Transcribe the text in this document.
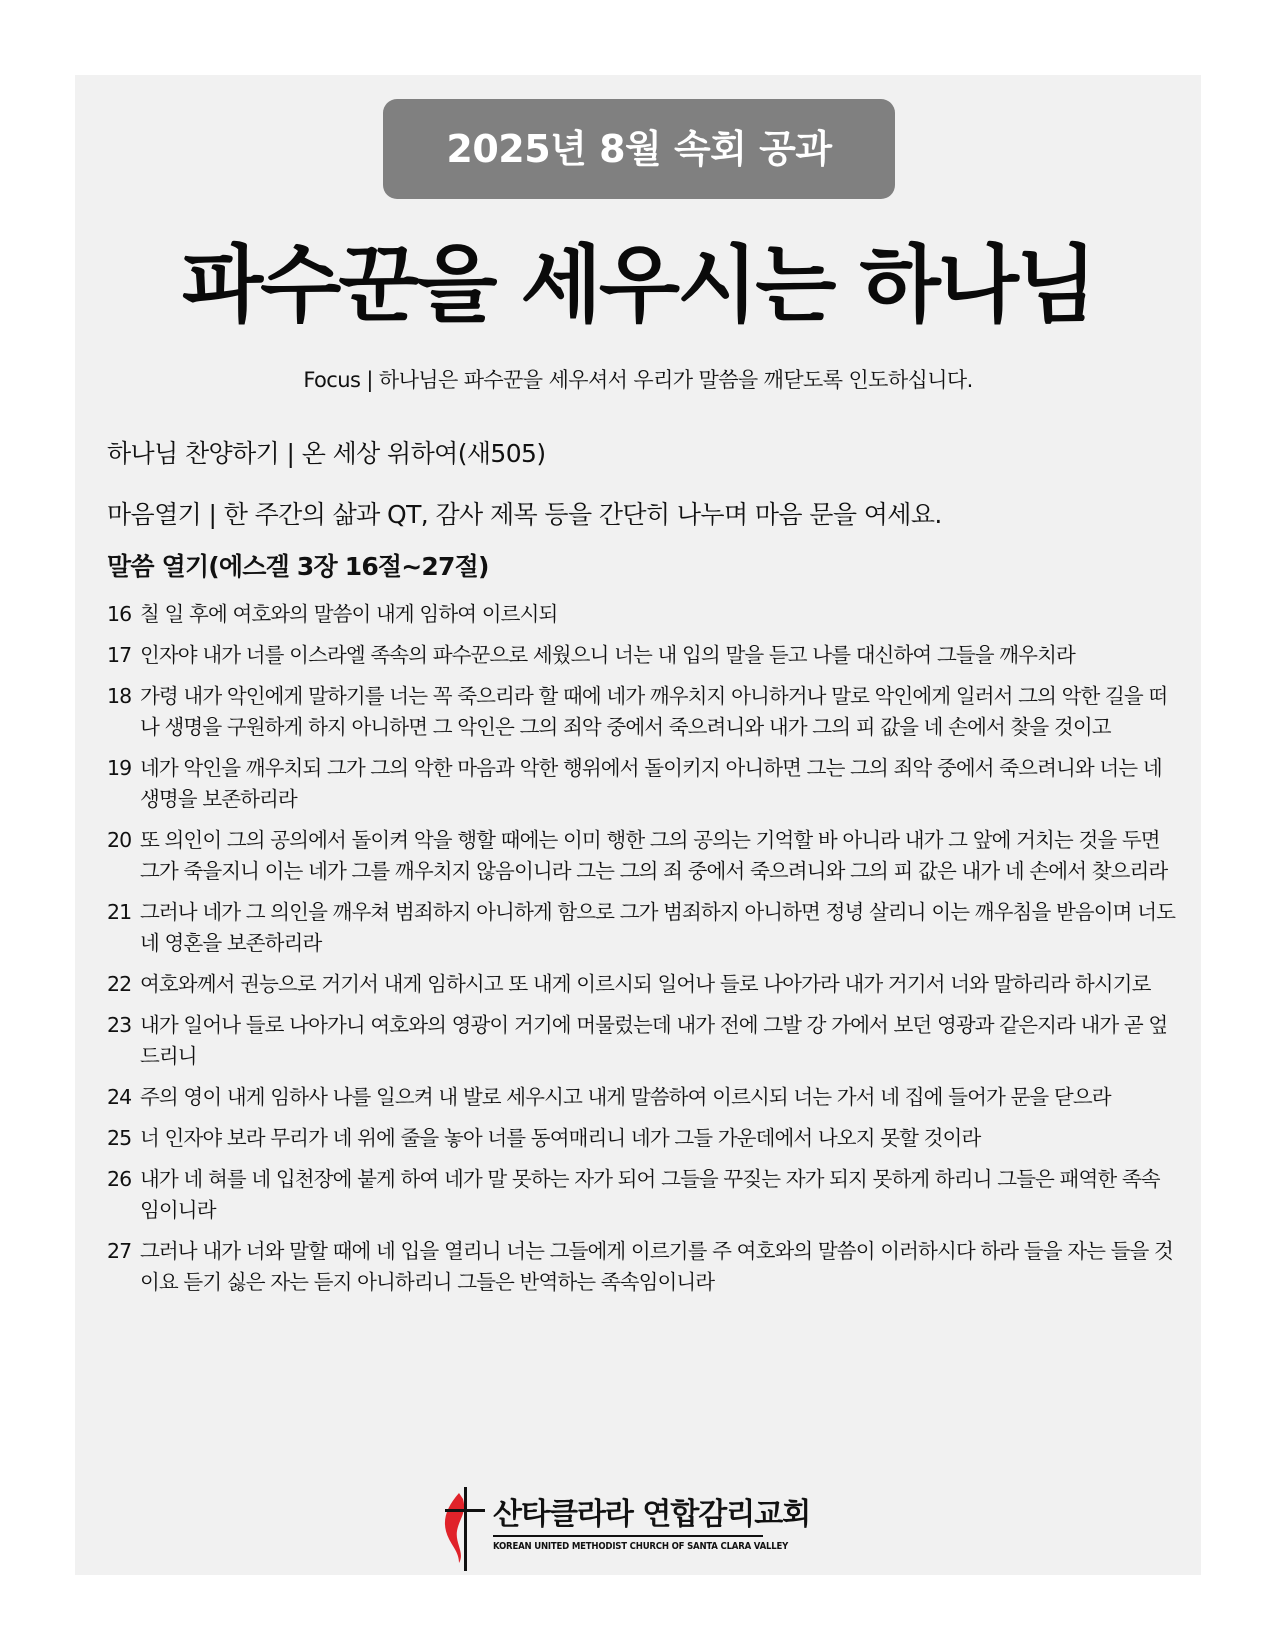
2025년 8월 속회 공과
파수꾼을 세우시는 하나님
Focus | 하나님은 파수꾼을 세우셔서 우리가 말씀을 깨닫도록 인도하십니다.
하나님 찬양하기 | 온 세상 위하여(새505)
마음열기 | 한 주간의 삶과 QT, 감사 제목 등을 간단히 나누며 마음 문을 여세요.
말씀 열기(에스겔 3장 16절~27절)
16 칠 일 후에 여호와의 말씀이 내게 임하여 이르시되
17 인자야 내가 너를 이스라엘 족속의 파수꾼으로 세웠으니 너는 내 입의 말을 듣고 나를 대신하여 그들을 깨우치라
18 가령 내가 악인에게 말하기를 너는 꼭 죽으리라 할 때에 네가 깨우치지 아니하거나 말로 악인에게 일러서 그의 악한 길을 떠나 생명을 구원하게 하지 아니하면 그 악인은 그의 죄악 중에서 죽으려니와 내가 그의 피 값을 네 손에서 찾을 것이고
19 네가 악인을 깨우치되 그가 그의 악한 마음과 악한 행위에서 돌이키지 아니하면 그는 그의 죄악 중에서 죽으려니와 너는 네 생명을 보존하리라
20 또 의인이 그의 공의에서 돌이켜 악을 행할 때에는 이미 행한 그의 공의는 기억할 바 아니라 내가 그 앞에 거치는 것을 두면 그가 죽을지니 이는 네가 그를 깨우치지 않음이니라 그는 그의 죄 중에서 죽으려니와 그의 피 값은 내가 네 손에서 찾으리라
21 그러나 네가 그 의인을 깨우쳐 범죄하지 아니하게 함으로 그가 범죄하지 아니하면 정녕 살리니 이는 깨우침을 받음이며 너도 네 영혼을 보존하리라
22 여호와께서 권능으로 거기서 내게 임하시고 또 내게 이르시되 일어나 들로 나아가라 내가 거기서 너와 말하리라 하시기로
23 내가 일어나 들로 나아가니 여호와의 영광이 거기에 머물렀는데 내가 전에 그발 강 가에서 보던 영광과 같은지라 내가 곧 엎드리니
24 주의 영이 내게 임하사 나를 일으켜 내 발로 세우시고 내게 말씀하여 이르시되 너는 가서 네 집에 들어가 문을 닫으라
25 너 인자야 보라 무리가 네 위에 줄을 놓아 너를 동여매리니 네가 그들 가운데에서 나오지 못할 것이라
26 내가 네 혀를 네 입천장에 붙게 하여 네가 말 못하는 자가 되어 그들을 꾸짖는 자가 되지 못하게 하리니 그들은 패역한 족속임이니라
27 그러나 내가 너와 말할 때에 네 입을 열리니 너는 그들에게 이르기를 주 여호와의 말씀이 이러하시다 하라 들을 자는 들을 것이요 듣기 싫은 자는 듣지 아니하리니 그들은 반역하는 족속임이니라
산타클라라 연합감리교회
KOREAN UNITED METHODIST CHURCH OF SANTA CLARA VALLEY
